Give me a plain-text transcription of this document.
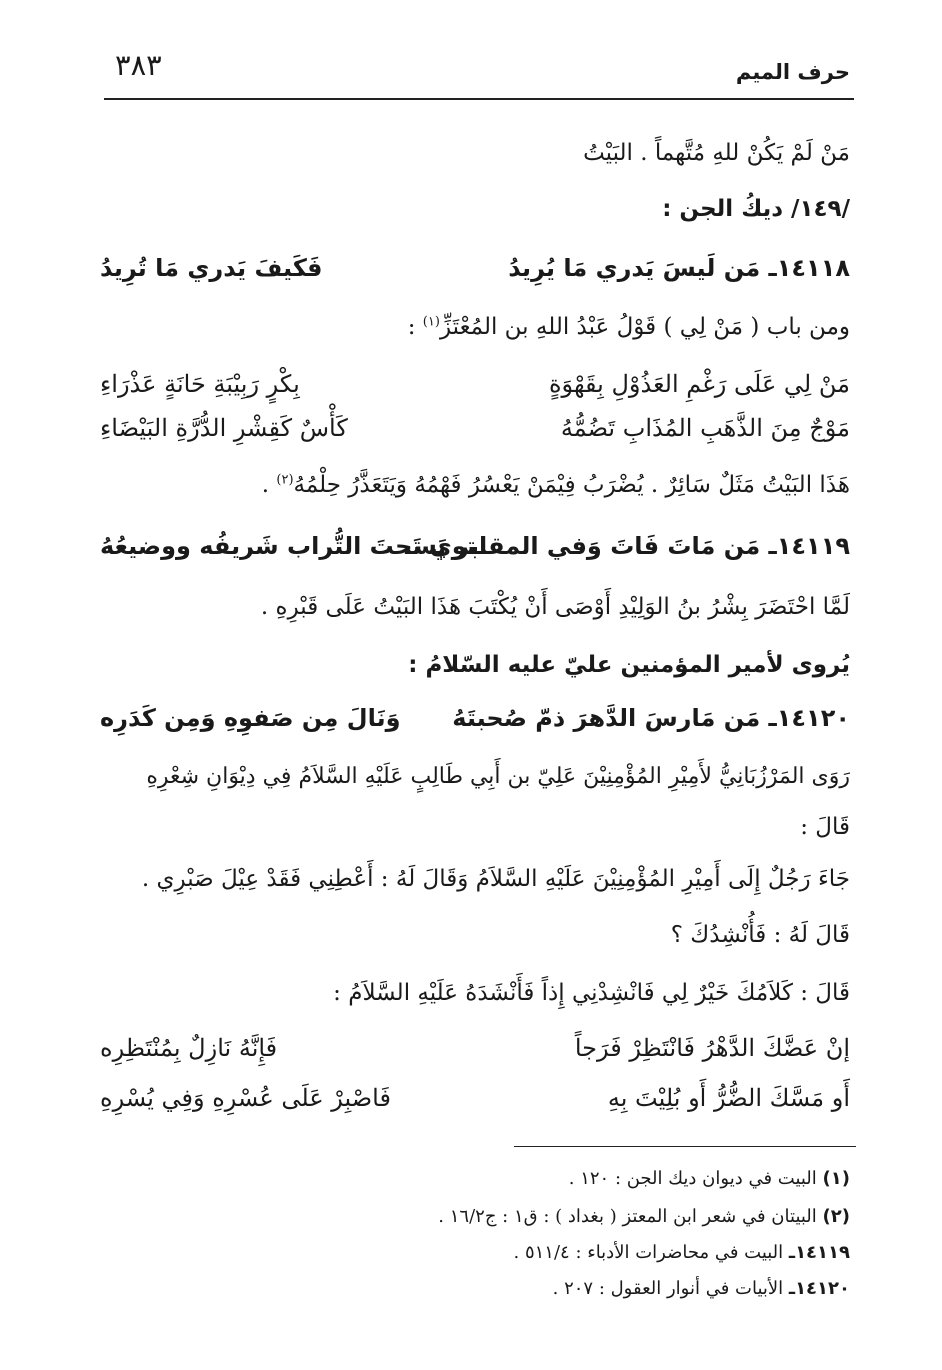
حرف الميم
٣٨٣
مَنْ لَمْ يَكُنْ للهِ مُتَّهماً . البَيْتُ
/١٤٩/ ديكُ الجن :
١٤١١٨ـ مَن لَيسَ يَدري مَا يُرِيدُ
فَكَيفَ يَدري مَا تُرِيدُ
ومن باب ( مَنْ لِي ) قَوْلُ عَبْدُ اللهِ بن المُعْتَزِّ$^{(١)}$ :
مَنْ لِي عَلَى رَغْمِ العَذُوْلِ بِقَهْوَةٍ
بِكْرٍ رَبِيْبَةِ حَانَةٍ عَذْرَاءِ
مَوْجٌ مِنَ الذَّهَبِ المُذَابِ تَضُمُّهُ
كَأْسٌ كَقِشْرِ الدُّرَّةِ البَيْضَاءِ
هَذَا البَيْتُ مَثَلٌ سَائِرٌ . يُضْرَبُ فِيْمَنْ يَعْسُرُ فَهْمُهُ وَيَتَعَذَّرُ حِلْمُهُ$^{(٢)}$ .
١٤١١٩ـ مَن مَاتَ فَاتَ وَفي المقابر يَسـ
ـتوي تَحتَ التُّراب شَريفُه ووضيعُهُ
لَمَّا احْتَضَرَ بِشْرُ بنُ الوَلِيْدِ أَوْصَى أَنْ يُكْتَبَ هَذَا البَيْتُ عَلَى قَبْرِهِ .
يُروى لأمير المؤمنين عليّ عليه السّلامُ :
١٤١٢٠ـ مَن مَارسَ الدَّهرَ ذمّ صُحبتَهُ
وَنَالَ مِن صَفوِهِ وَمِن كَدَرِه
رَوَى المَرْزُبَانِيُّ لأَمِيْرِ المُؤْمِنِيْنَ عَلِيّ بن أَبِي طَالِبٍ عَلَيْهِ السَّلاَمُ فِي دِيْوَانِ شِعْرِهِ
قَالَ :
جَاءَ رَجُلٌ إِلَى أَمِيْرِ المُؤْمِنِيْنَ عَلَيْهِ السَّلاَمُ وَقَالَ لَهُ : أَعْطِنِي فَقَدْ عِيْلَ صَبْرِي .
قَالَ لَهُ : فَأُنْشِدُكَ ؟
قَالَ : كَلاَمُكَ خَيْرٌ لِي فَانْشِدْنِي إِذاً فَأَنْشَدَهُ عَلَيْهِ السَّلاَمُ :
إنْ عَضَّكَ الدَّهْرُ فَانْتَظِرْ فَرَجاً
فَإِنَّهُ نَازِلٌ بِمُنْتَظِرِه
أَو مَسَّكَ الضُّرُّ أَو بُلِيْتَ بِهِ
فَاصْبِرْ عَلَى عُسْرِهِ وَفِي يُسْرِهِ
(١) البيت في ديوان ديك الجن : ١٢٠ .
(٢) البيتان في شعر ابن المعتز ( بغداد ) : ق١ : ج١٦/٢ .
١٤١١٩ـ البيت في محاضرات الأدباء : ٥١١/٤ .
١٤١٢٠ـ الأبيات في أنوار العقول : ٢٠٧ .
